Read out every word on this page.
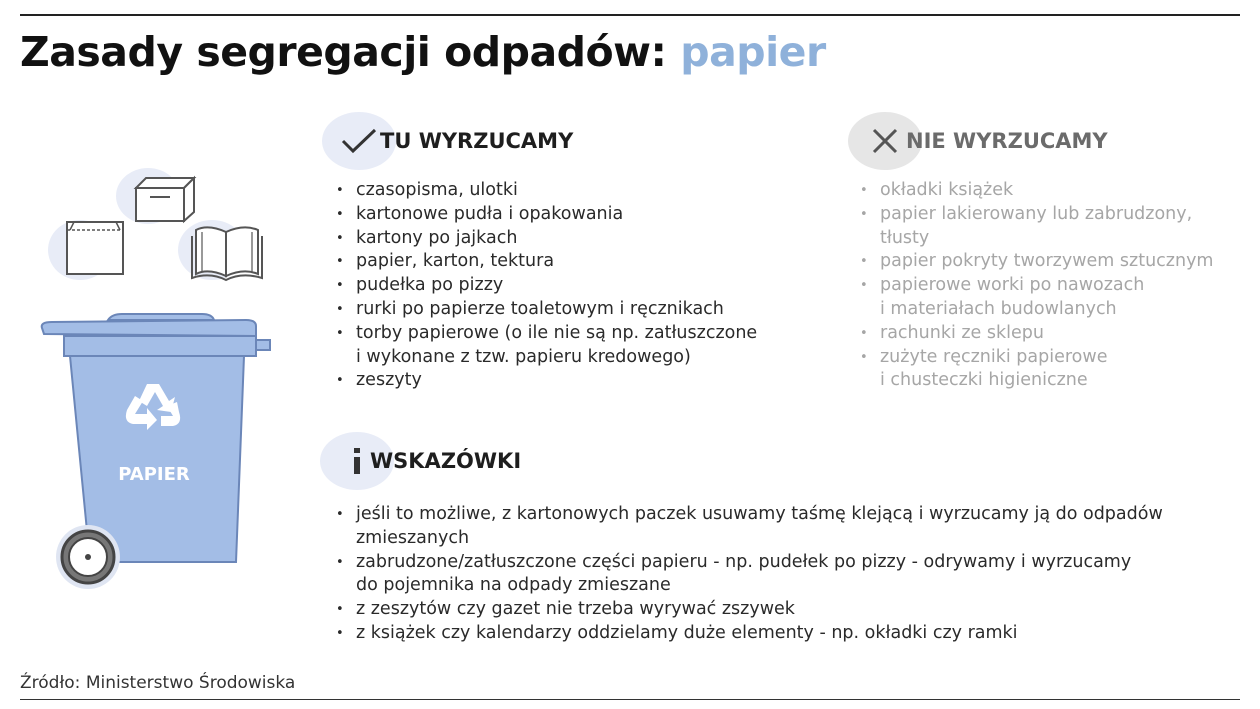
Zasady segregacji odpadów: papier
PAPIER
TU WYRZUCAMY
• czasopisma, ulotki
• kartonowe pudła i opakowania
• kartony po jajkach
• papier, karton, tektura
• pudełka po pizzy
• rurki po papierze toaletowym i ręcznikach
• torby papierowe (o ile nie są np. zatłuszczone
i wykonane z tzw. papieru kredowego)
• zeszyty
NIE WYRZUCAMY
• okładki książek
• papier lakierowany lub zabrudzony,
tłusty
• papier pokryty tworzywem sztucznym
• papierowe worki po nawozach
i materiałach budowlanych
• rachunki ze sklepu
• zużyte ręczniki papierowe
i chusteczki higieniczne
WSKAZÓWKI
• jeśli to możliwe, z kartonowych paczek usuwamy taśmę klejącą i wyrzucamy ją do odpadów
zmieszanych
• zabrudzone/zatłuszczone części papieru - np. pudełek po pizzy - odrywamy i wyrzucamy
do pojemnika na odpady zmieszane
• z zeszytów czy gazet nie trzeba wyrywać zszywek
• z książek czy kalendarzy oddzielamy duże elementy - np. okładki czy ramki
Źródło: Ministerstwo Środowiska
